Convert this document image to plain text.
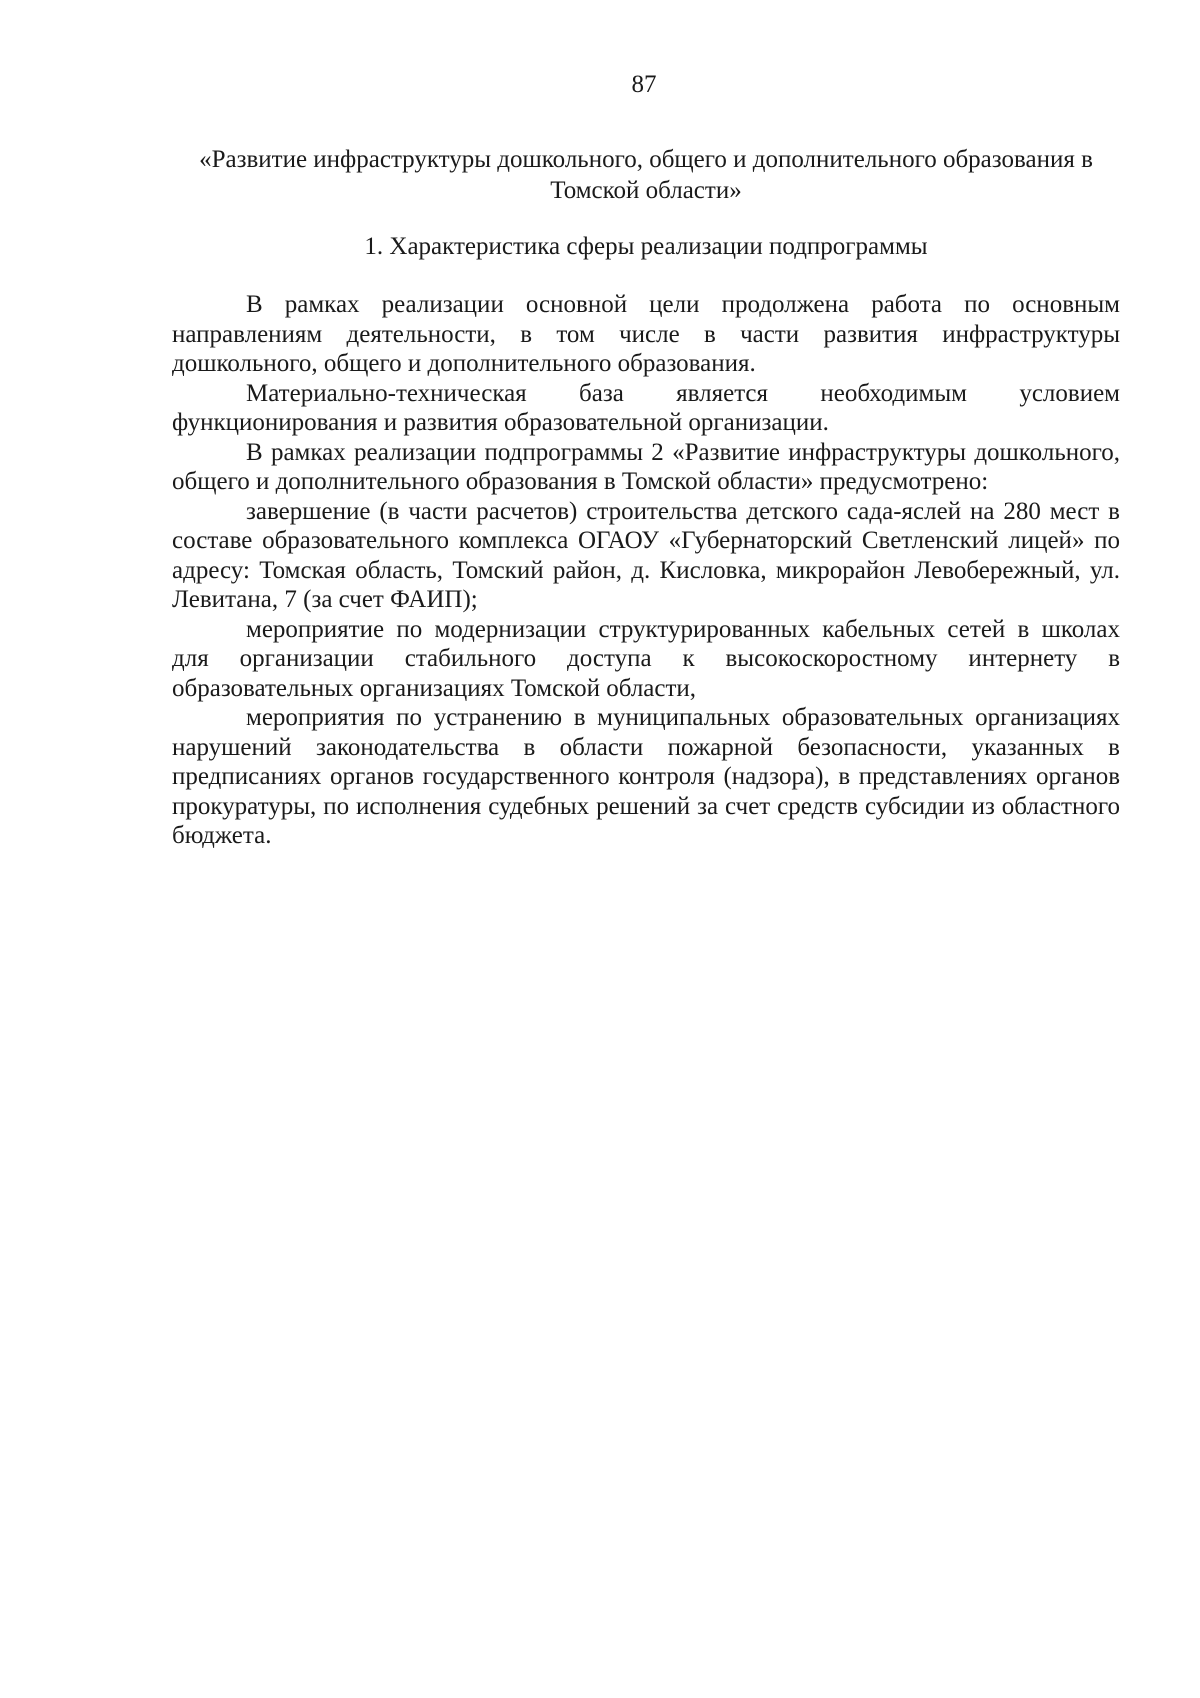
87
«Развитие инфраструктуры дошкольного, общего и дополнительного образования в Томской области»
1. Характеристика сферы реализации подпрограммы

В рамках реализации основной цели продолжена работа по основным направлениям деятельности, в том числе в части развития инфраструктуры дошкольного, общего и дополнительного образования.

Материально-техническая база является необходимым условием функционирования и развития образовательной организации.

В рамках реализации подпрограммы 2 «Развитие инфраструктуры дошкольного, общего и дополнительного образования в Томской области» предусмотрено:

завершение (в части расчетов) строительства детского сада-яслей на 280 мест в составе образовательного комплекса ОГАОУ «Губернаторский Светленский лицей» по адресу: Томская область, Томский район, д. Кисловка, микрорайон Левобережный, ул. Левитана, 7 (за счет ФАИП);

мероприятие по модернизации структурированных кабельных сетей в школах для организации стабильного доступа к высокоскоростному интернету в образовательных организациях Томской области,

мероприятия по устранению в муниципальных образовательных организациях нарушений законодательства в области пожарной безопасности, указанных в предписаниях органов государственного контроля (надзора), в представлениях органов прокуратуры, по исполнения судебных решений за счет средств субсидии из областного бюджета.
